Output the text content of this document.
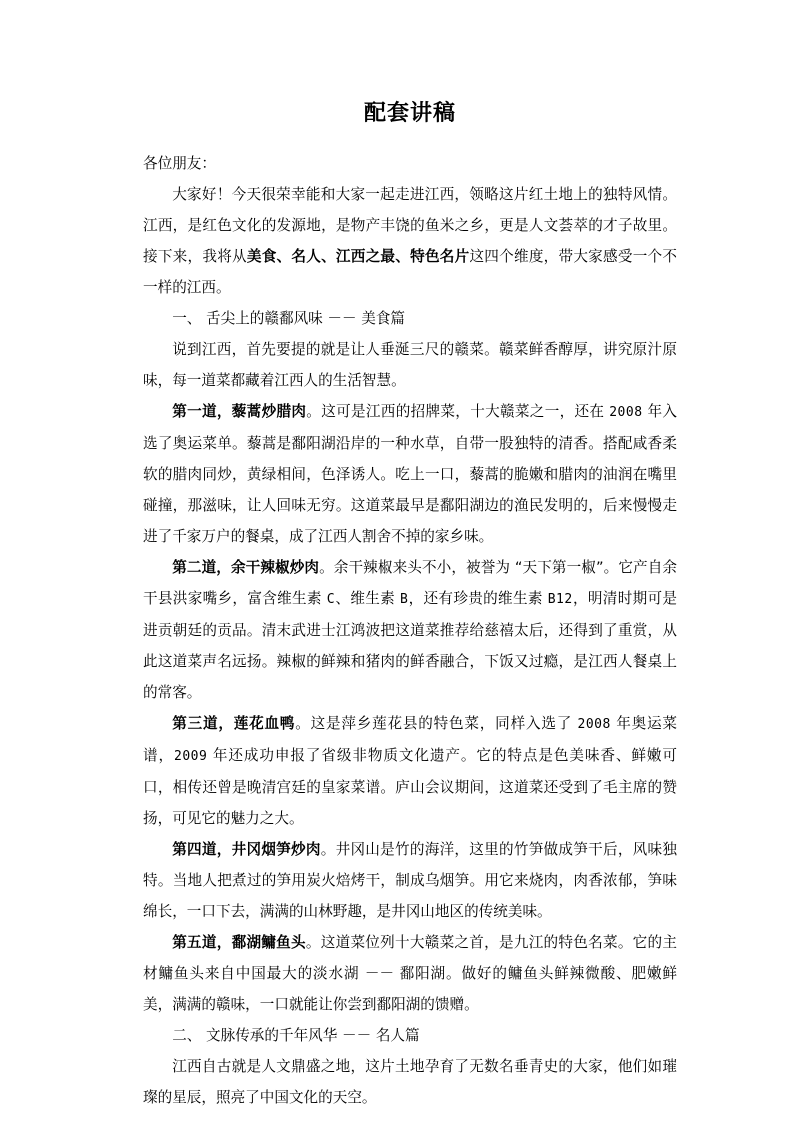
配套讲稿

各位朋友：

大家好！今天很荣幸能和大家一起走进江西，领略这片红土地上的独特风情。江西，是红色文化的发源地，是物产丰饶的鱼米之乡，更是人文荟萃的才子故里。接下来，我将从美食、名人、江西之最、特色名片这四个维度，带大家感受一个不一样的江西。

一、 舌尖上的赣鄱风味 －－ 美食篇

说到江西，首先要提的就是让人垂涎三尺的赣菜。赣菜鲜香醇厚，讲究原汁原味，每一道菜都藏着江西人的生活智慧。

第一道，藜蒿炒腊肉。这可是江西的招牌菜，十大赣菜之一，还在 2008 年入选了奥运菜单。藜蒿是鄱阳湖沿岸的一种水草，自带一股独特的清香。搭配咸香柔软的腊肉同炒，黄绿相间，色泽诱人。吃上一口，藜蒿的脆嫩和腊肉的油润在嘴里碰撞，那滋味，让人回味无穷。这道菜最早是鄱阳湖边的渔民发明的，后来慢慢走进了千家万户的餐桌，成了江西人割舍不掉的家乡味。

第二道，余干辣椒炒肉。余干辣椒来头不小，被誉为 “天下第一椒”。它产自余干县洪家嘴乡，富含维生素 C、维生素 B，还有珍贵的维生素 B12，明清时期可是进贡朝廷的贡品。清末武进士江鸿波把这道菜推荐给慈禧太后，还得到了重赏，从此这道菜声名远扬。辣椒的鲜辣和猪肉的鲜香融合，下饭又过瘾，是江西人餐桌上的常客。

第三道，莲花血鸭。这是萍乡莲花县的特色菜，同样入选了 2008 年奥运菜谱，2009 年还成功申报了省级非物质文化遗产。它的特点是色美味香、鲜嫩可口，相传还曾是晚清宫廷的皇家菜谱。庐山会议期间，这道菜还受到了毛主席的赞扬，可见它的魅力之大。

第四道，井冈烟笋炒肉。井冈山是竹的海洋，这里的竹笋做成笋干后，风味独特。当地人把煮过的笋用炭火焙烤干，制成乌烟笋。用它来烧肉，肉香浓郁，笋味绵长，一口下去，满满的山林野趣，是井冈山地区的传统美味。

第五道，鄱湖鳙鱼头。这道菜位列十大赣菜之首，是九江的特色名菜。它的主材鳙鱼头来自中国最大的淡水湖 －－ 鄱阳湖。做好的鳙鱼头鲜辣微酸、肥嫩鲜美，满满的赣味，一口就能让你尝到鄱阳湖的馈赠。

二、 文脉传承的千年风华 －－ 名人篇

江西自古就是人文鼎盛之地，这片土地孕育了无数名垂青史的大家，他们如璀璨的星辰，照亮了中国文化的天空。
